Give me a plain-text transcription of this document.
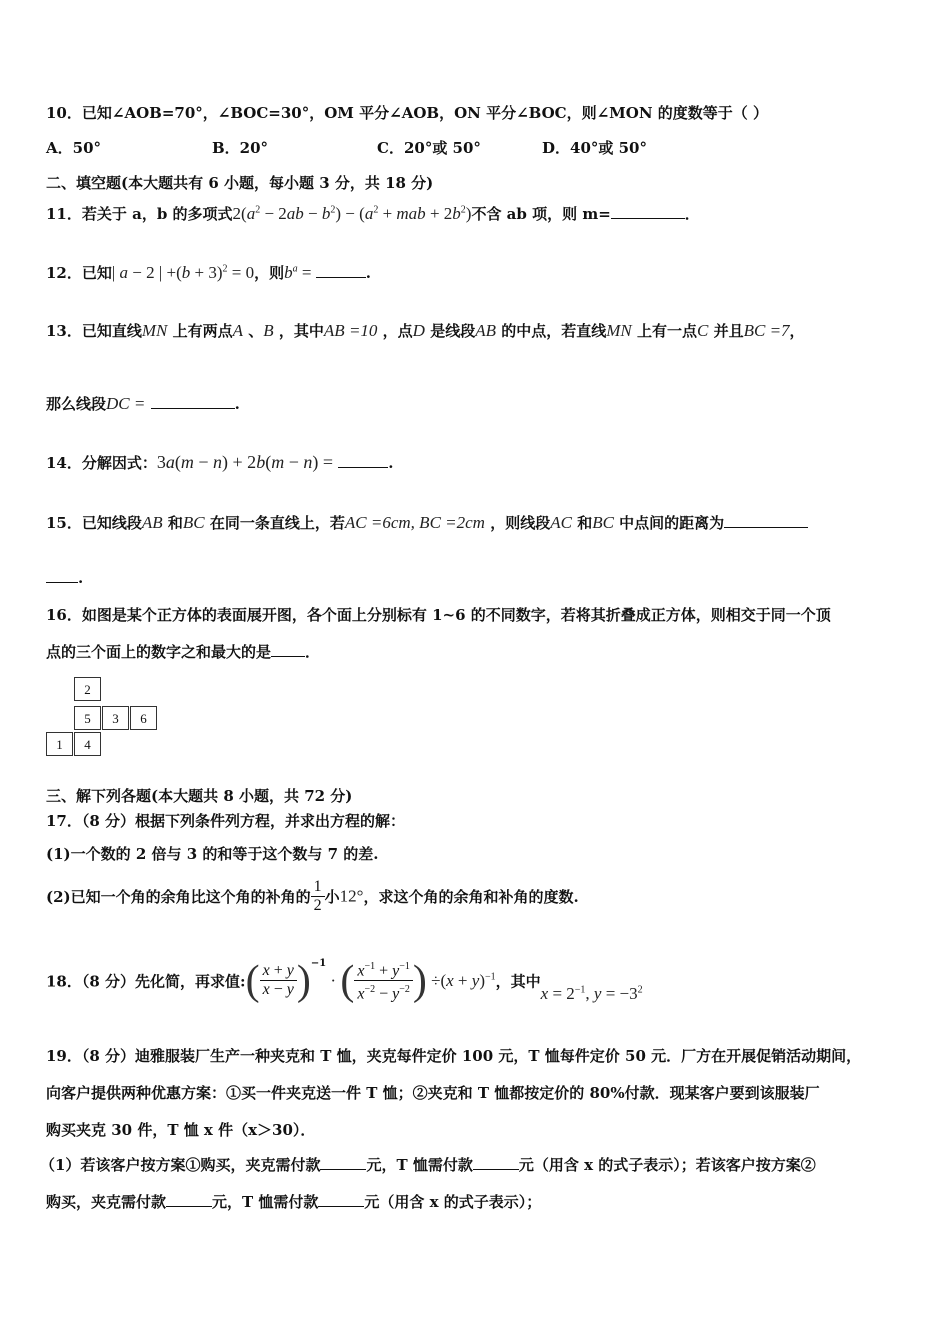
10．已知∠AOB=70°，∠BOC=30°，OM 平分∠AOB，ON 平分∠BOC，则∠MON 的度数等于（ ）
A．50°	B．20°	C．20°或 50°	D．40°或 50°
二、填空题(本大题共有 6 小题，每小题 3 分，共 18 分)
11．若关于 a，b 的多项式$2(a^2 - 2ab - b^2) - (a^2$ + mab + $2b^2$)不含 ab 项，则 m=	．
12．已知| a − 2 | $+(b + 3)^2 = 0$，则$b^a$ =	.
13．已知直线MN 上有两点A 、B ，其中AB =10 ，点D 是线段AB 的中点，若直线MN 上有一点C 并且BC =7，
那么线段DC =	.
14．分解因式：3a(m − n) + 2b(m − n) =	.
15．已知线段AB 和BC 在同一条直线上，若AC =6cm, BC =2cm ，则线段AC 和BC 中点间的距离为
.
16．如图是某个正方体的表面展开图，各个面上分别标有 1~6 的不同数字，若将其折叠成正方体，则相交于同一个顶
点的三个面上的数字之和最大的是 ．
2
5	3	6
1	4
三、解下列各题(本大题共 8 小题，共 72 分)
17．（8 分）根据下列条件列方程，并求出方程的解：
(1)一个数的 2 倍与 3 的和等于这个数与 7 的差.
(2)已知一个角的余角比这个角的补角的 $\frac{1}{2}$ 小12°，求这个角的余角和补角的度数.
18．（8 分）先化简，再求值:( $\frac{x + y}{x - y} )^{-1}$ · ( $\frac{x^{-1} + y^{-1}}{x^{-2} - y^{-2}}$ ) $\div(x + y)^{-1}$，其中$x = 2^{-1}$, $y = -3^2$
19．（8 分）迪雅服装厂生产一种夹克和 T 恤，夹克每件定价 100 元，T 恤每件定价 50 元．厂方在开展促销活动期间，
向客户提供两种优惠方案：①买一件夹克送一件 T 恤；②夹克和 T 恤都按定价的 80%付款．现某客户要到该服装厂
购买夹克 30 件，T 恤 x 件（x＞30）．
（1）若该客户按方案①购买，夹克需付款	元，T 恤需付款	元（用含 x 的式子表示）；若该客户按方案②
购买，夹克需付款	元，T 恤需付款	元（用含 x 的式子表示）；
